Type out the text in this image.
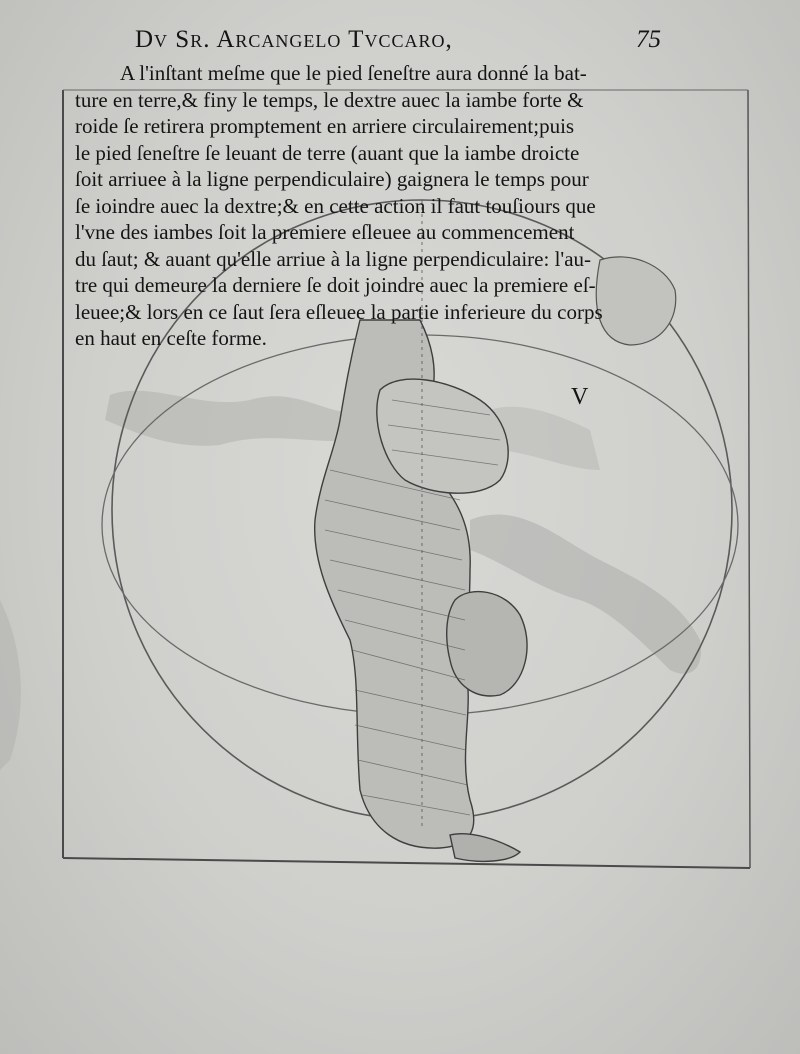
Dv Sr. Arcangelo Tvccaro,	75
A l'inſtant meſme que le pied ſeneſtre aura donné la bat-
ture en terre,& finy le temps, le dextre auec la iambe forte &
roide ſe retirera promptement en arriere circulairement;puis
le pied ſeneſtre ſe leuant de terre (auant que la iambe droicte
ſoit arriuee à la ligne perpendiculaire) gaignera le temps pour
ſe ioindre auec la dextre;& en cette action il faut touſiours que
l'vne des iambes ſoit la premiere eſleuee au commencement
du ſaut; & auant qu'elle arriue à la ligne perpendiculaire: l'au-
tre qui demeure la derniere ſe doit joindre auec la premiere eſ-
leuee;& lors en ce ſaut ſera eſleuee la partie inferieure du corps
en haut en ceſte forme.
V
